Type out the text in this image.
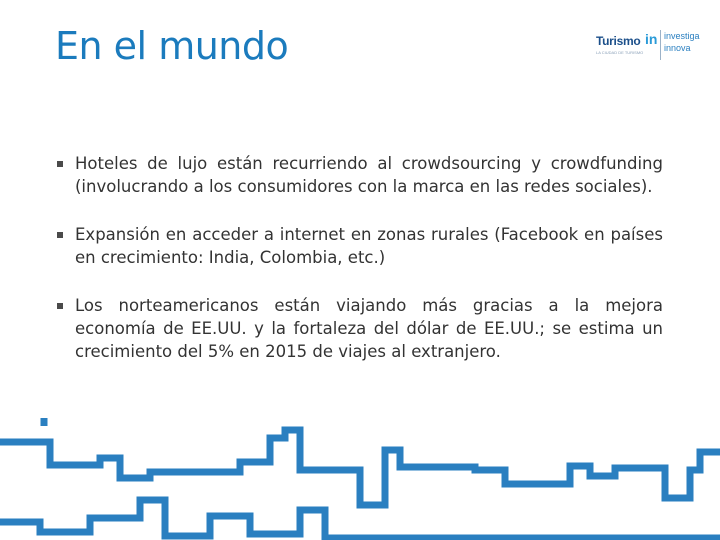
En el mundo	Turismo in
LA CIUDAD DE TURISMO
investiga
innova
Hoteles de lujo están recurriendo al crowdsourcing y crowdfunding (involucrando a los consumidores con la marca en las redes sociales).
Expansión en acceder a internet en zonas rurales (Facebook en países en crecimiento: India, Colombia, etc.)
Los norteamericanos están viajando más gracias a la mejora economía de EE.UU. y la fortaleza del dólar de EE.UU.; se estima un crecimiento del 5% en 2015 de viajes al extranjero.
